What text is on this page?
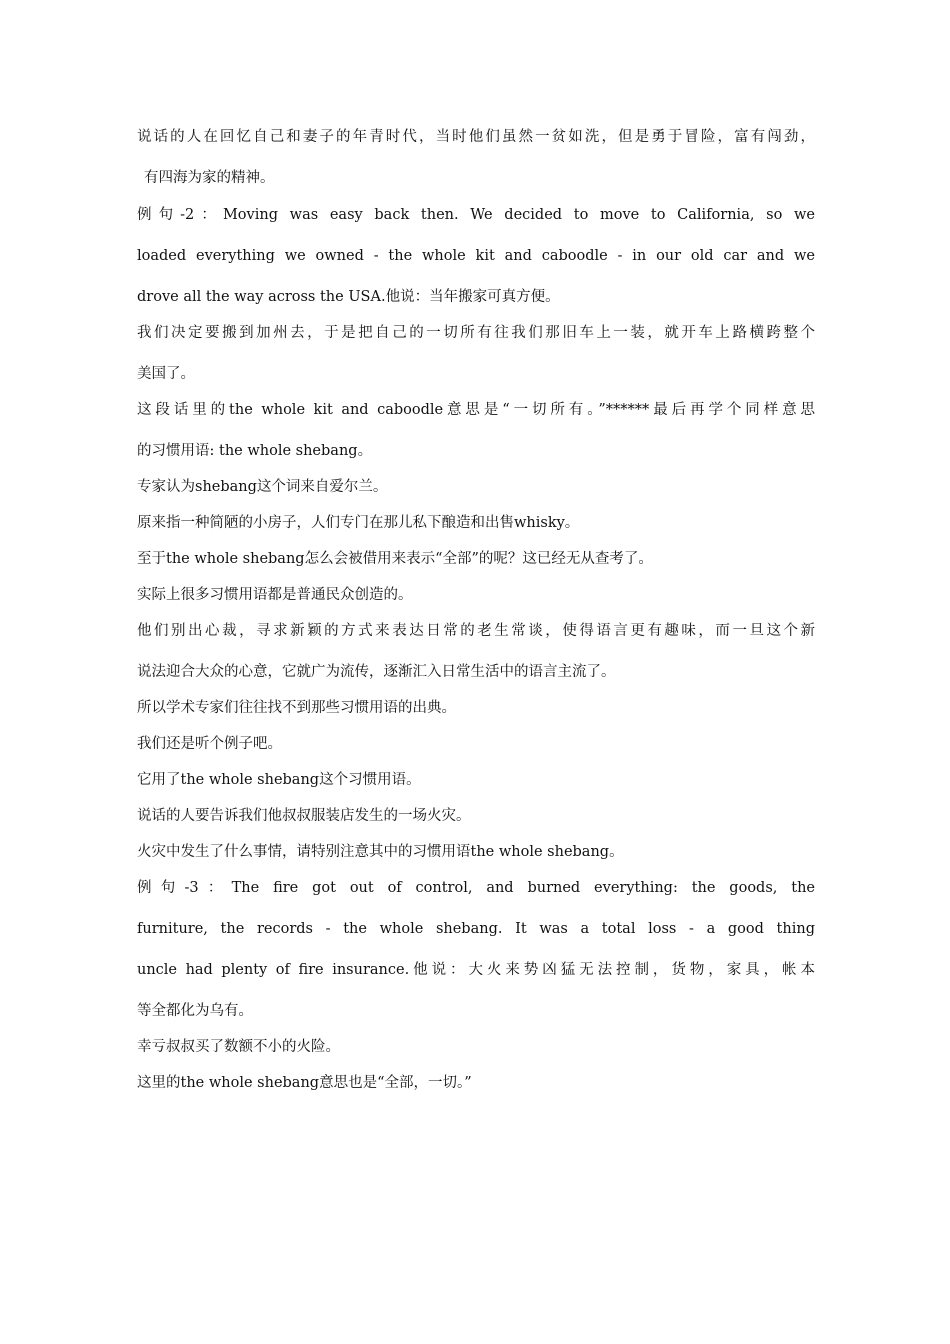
说话的人在回忆自己和妻子的年青时代，当时他们虽然一贫如洗，但是勇于冒险，富有闯劲，
有四海为家的精神。
例句-2：Moving was easy back then. We decided to move to California, so we
loaded everything we owned - the whole kit and caboodle - in our old car and we
drove all the way across the USA.他说：当年搬家可真方便。
我们决定要搬到加州去，于是把自己的一切所有往我们那旧车上一装，就开车上路横跨整个
美国了。
这段话里的the whole kit and caboodle意思是“一切所有。”******最后再学个同样意思
的习惯用语: the whole shebang。
专家认为shebang这个词来自爱尔兰。
原来指一种简陋的小房子，人们专门在那儿私下酿造和出售whisky。
至于the whole shebang怎么会被借用来表示“全部”的呢？这已经无从查考了。
实际上很多习惯用语都是普通民众创造的。
他们别出心裁，寻求新颖的方式来表达日常的老生常谈，使得语言更有趣味，而一旦这个新
说法迎合大众的心意，它就广为流传，逐渐汇入日常生活中的语言主流了。
所以学术专家们往往找不到那些习惯用语的出典。
我们还是听个例子吧。
它用了the whole shebang这个习惯用语。
说话的人要告诉我们他叔叔服装店发生的一场火灾。
火灾中发生了什么事情，请特别注意其中的习惯用语the whole shebang。
例句-3：The fire got out of control, and burned everything: the goods, the
furniture, the records - the whole shebang. It was a total loss - a good thing
uncle had plenty of fire insurance.他说：大火来势凶猛无法控制，货物，家具，帐本
等全都化为乌有。
幸亏叔叔买了数额不小的火险。
这里的the whole shebang意思也是“全部，一切。”
